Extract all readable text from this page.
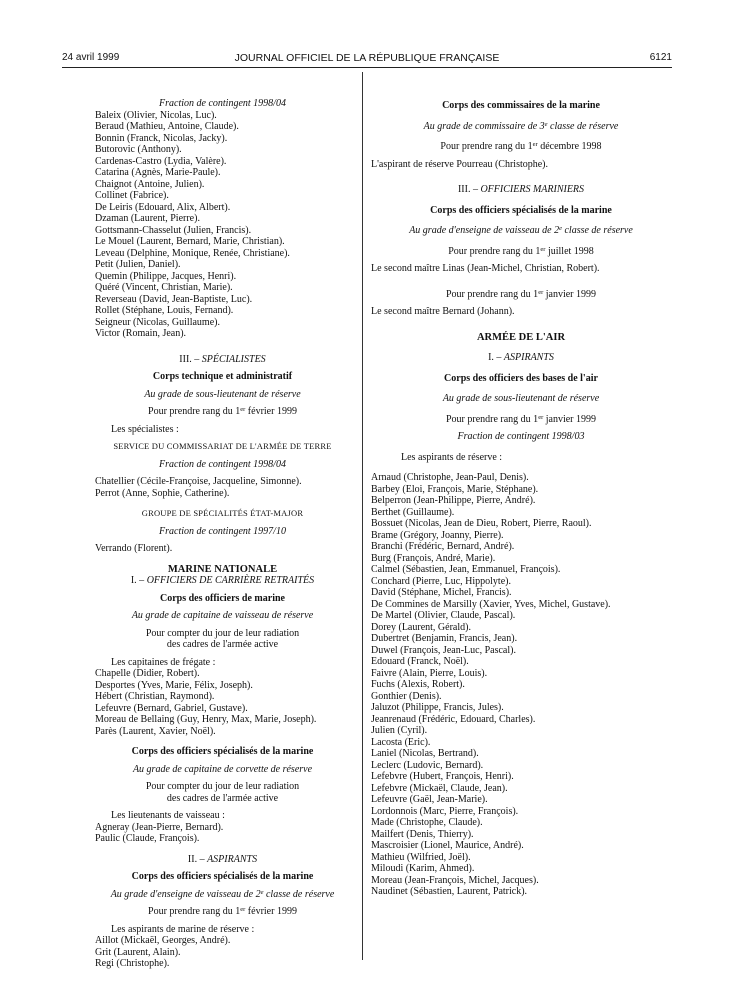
24 avril 1999	JOURNAL OFFICIEL DE LA RÉPUBLIQUE FRANÇAISE	6121

Fraction de contingent 1998/04

Baleix (Olivier, Nicolas, Luc).

Beraud (Mathieu, Antoine, Claude).

Bonnin (Franck, Nicolas, Jacky).

Butorovic (Anthony).

Cardenas-Castro (Lydia, Valère).

Catarina (Agnès, Marie-Paule).

Chaignot (Antoine, Julien).

Collinet (Fabrice).

De Leiris (Edouard, Alix, Albert).

Dzaman (Laurent, Pierre).

Gottsmann-Chasselut (Julien, Francis).

Le Mouel (Laurent, Bernard, Marie, Christian).

Leveau (Delphine, Monique, Renée, Christiane).

Petit (Julien, Daniel).

Quemin (Philippe, Jacques, Henri).

Quéré (Vincent, Christian, Marie).

Reverseau (David, Jean-Baptiste, Luc).

Rollet (Stéphane, Louis, Fernand).

Seigneur (Nicolas, Guillaume).

Victor (Romain, Jean).

III. – SPÉCIALISTES

Corps technique et administratif

Au grade de sous-lieutenant de réserve

Pour prendre rang du 1er février 1999

Les spécialistes :

SERVICE DU COMMISSARIAT DE L'ARMÉE DE TERRE

Fraction de contingent 1998/04

Chatellier (Cécile-Françoise, Jacqueline, Simonne).

Perrot (Anne, Sophie, Catherine).

GROUPE DE SPÉCIALITÉS ÉTAT-MAJOR

Fraction de contingent 1997/10

Verrando (Florent).

MARINE NATIONALE

I. – OFFICIERS DE CARRIÈRE RETRAITÉS

Corps des officiers de marine

Au grade de capitaine de vaisseau de réserve

Pour compter du jour de leur radiation

des cadres de l'armée active

Les capitaines de frégate :

Chapelle (Didier, Robert).

Desportes (Yves, Marie, Félix, Joseph).

Hébert (Christian, Raymond).

Lefeuvre (Bernard, Gabriel, Gustave).

Moreau de Bellaing (Guy, Henry, Max, Marie, Joseph).

Parès (Laurent, Xavier, Noël).

Corps des officiers spécialisés de la marine

Au grade de capitaine de corvette de réserve

Pour compter du jour de leur radiation

des cadres de l'armée active

Les lieutenants de vaisseau :

Agneray (Jean-Pierre, Bernard).

Paulic (Claude, François).

II. – ASPIRANTS

Corps des officiers spécialisés de la marine

Au grade d'enseigne de vaisseau de 2e classe de réserve

Pour prendre rang du 1er février 1999

Les aspirants de marine de réserve :

Aillot (Mickaël, Georges, André).

Grit (Laurent, Alain).

Regi (Christophe).

Corps des commissaires de la marine

Au grade de commissaire de 3e classe de réserve

Pour prendre rang du 1er décembre 1998

L'aspirant de réserve Pourreau (Christophe).

III. – OFFICIERS MARINIERS

Corps des officiers spécialisés de la marine

Au grade d'enseigne de vaisseau de 2e classe de réserve

Pour prendre rang du 1er juillet 1998

Le second maître Linas (Jean-Michel, Christian, Robert).

Pour prendre rang du 1er janvier 1999

Le second maître Bernard (Johann).

ARMÉE DE L'AIR

I. – ASPIRANTS

Corps des officiers des bases de l'air

Au grade de sous-lieutenant de réserve

Pour prendre rang du 1er janvier 1999

Fraction de contingent 1998/03

Les aspirants de réserve :

Arnaud (Christophe, Jean-Paul, Denis).

Barbey (Eloi, François, Marie, Stéphane).

Belperron (Jean-Philippe, Pierre, André).

Berthet (Guillaume).

Bossuet (Nicolas, Jean de Dieu, Robert, Pierre, Raoul).

Brame (Grégory, Joanny, Pierre).

Branchi (Frédéric, Bernard, André).

Burg (François, André, Marie).

Calmel (Sébastien, Jean, Emmanuel, François).

Conchard (Pierre, Luc, Hippolyte).

David (Stéphane, Michel, Francis).

De Commines de Marsilly (Xavier, Yves, Michel, Gustave).

De Martel (Olivier, Claude, Pascal).

Dorey (Laurent, Gérald).

Dubertret (Benjamin, Francis, Jean).

Duwel (François, Jean-Luc, Pascal).

Edouard (Franck, Noël).

Faivre (Alain, Pierre, Louis).

Fuchs (Alexis, Robert).

Gonthier (Denis).

Jaluzot (Philippe, Francis, Jules).

Jeanrenaud (Frédéric, Edouard, Charles).

Julien (Cyril).

Lacosta (Eric).

Laniel (Nicolas, Bertrand).

Leclerc (Ludovic, Bernard).

Lefebvre (Hubert, François, Henri).

Lefebvre (Mickaël, Claude, Jean).

Lefeuvre (Gaël, Jean-Marie).

Lordonnois (Marc, Pierre, François).

Made (Christophe, Claude).

Mailfert (Denis, Thierry).

Mascroisier (Lionel, Maurice, André).

Mathieu (Wilfried, Joël).

Miloudi (Karim, Ahmed).

Moreau (Jean-François, Michel, Jacques).

Naudinet (Sébastien, Laurent, Patrick).
